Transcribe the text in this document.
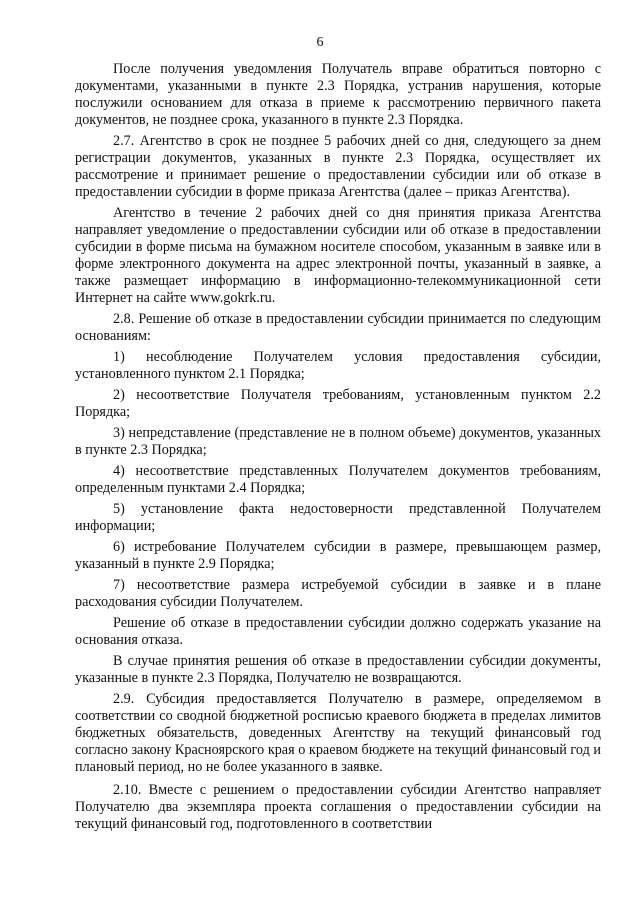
6

После получения уведомления Получатель вправе обратиться повторно с документами, указанными в пункте 2.3 Порядка, устранив нарушения, которые послужили основанием для отказа в приеме к рассмотрению первичного пакета документов, не позднее срока, указанного в пункте 2.3 Порядка.

2.7. Агентство в срок не позднее 5 рабочих дней со дня, следующего за днем регистрации документов, указанных в пункте 2.3 Порядка, осуществляет их рассмотрение и принимает решение о предоставлении субсидии или об отказе в предоставлении субсидии в форме приказа Агентства (далее – приказ Агентства).

Агентство в течение 2 рабочих дней со дня принятия приказа Агентства направляет уведомление о предоставлении субсидии или об отказе в предоставлении субсидии в форме письма на бумажном носителе способом, указанным в заявке или в форме электронного документа на адрес электронной почты, указанный в заявке, а также размещает информацию в информационно-телекоммуникационной сети Интернет на сайте www.gokrk.ru.

2.8. Решение об отказе в предоставлении субсидии принимается по следующим основаниям:

1) несоблюдение Получателем условия предоставления субсидии, установленного пунктом 2.1 Порядка;

2) несоответствие Получателя требованиям, установленным пунктом 2.2 Порядка;

3) непредставление (представление не в полном объеме) документов, указанных в пункте 2.3 Порядка;

4) несоответствие представленных Получателем документов требованиям, определенным пунктами 2.4 Порядка;

5) установление факта недостоверности представленной Получателем информации;

6) истребование Получателем субсидии в размере, превышающем размер, указанный в пункте 2.9 Порядка;

7) несоответствие размера истребуемой субсидии в заявке и в плане расходования субсидии Получателем.

Решение об отказе в предоставлении субсидии должно содержать указание на основания отказа.

В случае принятия решения об отказе в предоставлении субсидии документы, указанные в пункте 2.3 Порядка, Получателю не возвращаются.

2.9. Субсидия предоставляется Получателю в размере, определяемом в соответствии со сводной бюджетной росписью краевого бюджета в пределах лимитов бюджетных обязательств, доведенных Агентству на текущий финансовый год согласно закону Красноярского края о краевом бюджете на текущий финансовый год и плановый период, но не более указанного в заявке.

2.10. Вместе с решением о предоставлении субсидии Агентство направляет Получателю два экземпляра проекта соглашения о предоставлении субсидии на текущий финансовый год, подготовленного в соответствии
